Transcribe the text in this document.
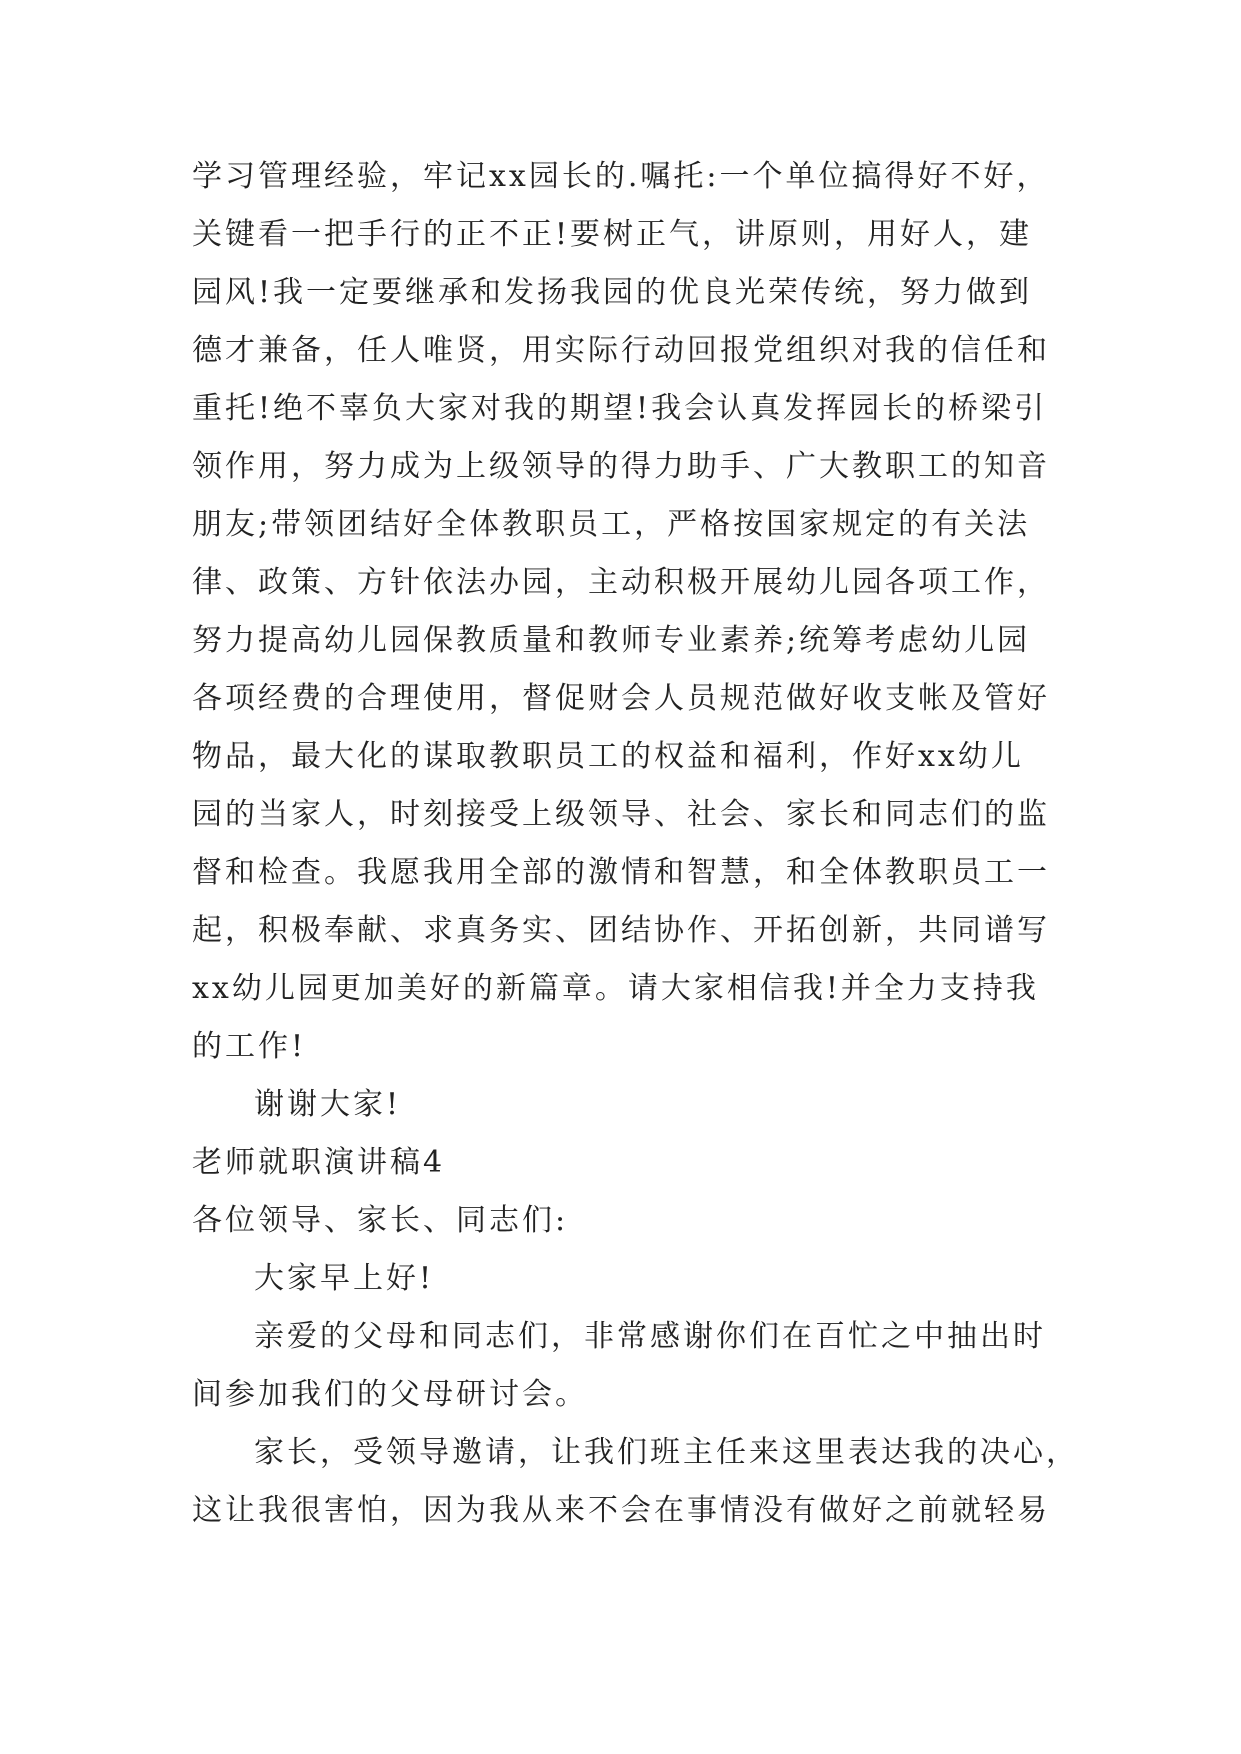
学习管理经验，牢记xx园长的.嘱托:一个单位搞得好不好，
关键看一把手行的正不正!要树正气，讲原则，用好人，建
园风!我一定要继承和发扬我园的优良光荣传统，努力做到
德才兼备，任人唯贤，用实际行动回报党组织对我的信任和
重托!绝不辜负大家对我的期望!我会认真发挥园长的桥梁引
领作用，努力成为上级领导的得力助手、广大教职工的知音
朋友;带领团结好全体教职员工，严格按国家规定的有关法
律、政策、方针依法办园，主动积极开展幼儿园各项工作，
努力提高幼儿园保教质量和教师专业素养;统筹考虑幼儿园
各项经费的合理使用，督促财会人员规范做好收支帐及管好
物品，最大化的谋取教职员工的权益和福利，作好xx幼儿
园的当家人，时刻接受上级领导、社会、家长和同志们的监
督和检查。我愿我用全部的激情和智慧，和全体教职员工一
起，积极奉献、求真务实、团结协作、开拓创新，共同谱写
xx幼儿园更加美好的新篇章。请大家相信我!并全力支持我
的工作!
谢谢大家!
老师就职演讲稿4
各位领导、家长、同志们:
大家早上好!
亲爱的父母和同志们，非常感谢你们在百忙之中抽出时
间参加我们的父母研讨会。
家长，受领导邀请，让我们班主任来这里表达我的决心，
这让我很害怕，因为我从来不会在事情没有做好之前就轻易
